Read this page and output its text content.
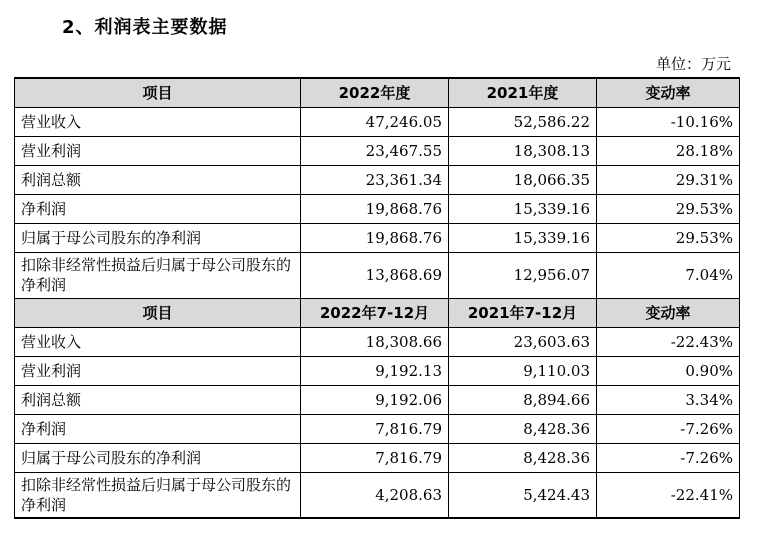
2、利润表主要数据
单位：万元
项目	2022年度	2021年度	变动率
营业收入	47,246.05	52,586.22	-10.16%
营业利润	23,467.55	18,308.13	28.18%
利润总额	23,361.34	18,066.35	29.31%
净利润	19,868.76	15,339.16	29.53%
归属于母公司股东的净利润	19,868.76	15,339.16	29.53%
扣除非经常性损益后归属于母公司股东的净利润	13,868.69	12,956.07	7.04%
项目	2022年7-12月	2021年7-12月	变动率
营业收入	18,308.66	23,603.63	-22.43%
营业利润	9,192.13	9,110.03	0.90%
利润总额	9,192.06	8,894.66	3.34%
净利润	7,816.79	8,428.36	-7.26%
归属于母公司股东的净利润	7,816.79	8,428.36	-7.26%
扣除非经常性损益后归属于母公司股东的净利润	4,208.63	5,424.43	-22.41%
